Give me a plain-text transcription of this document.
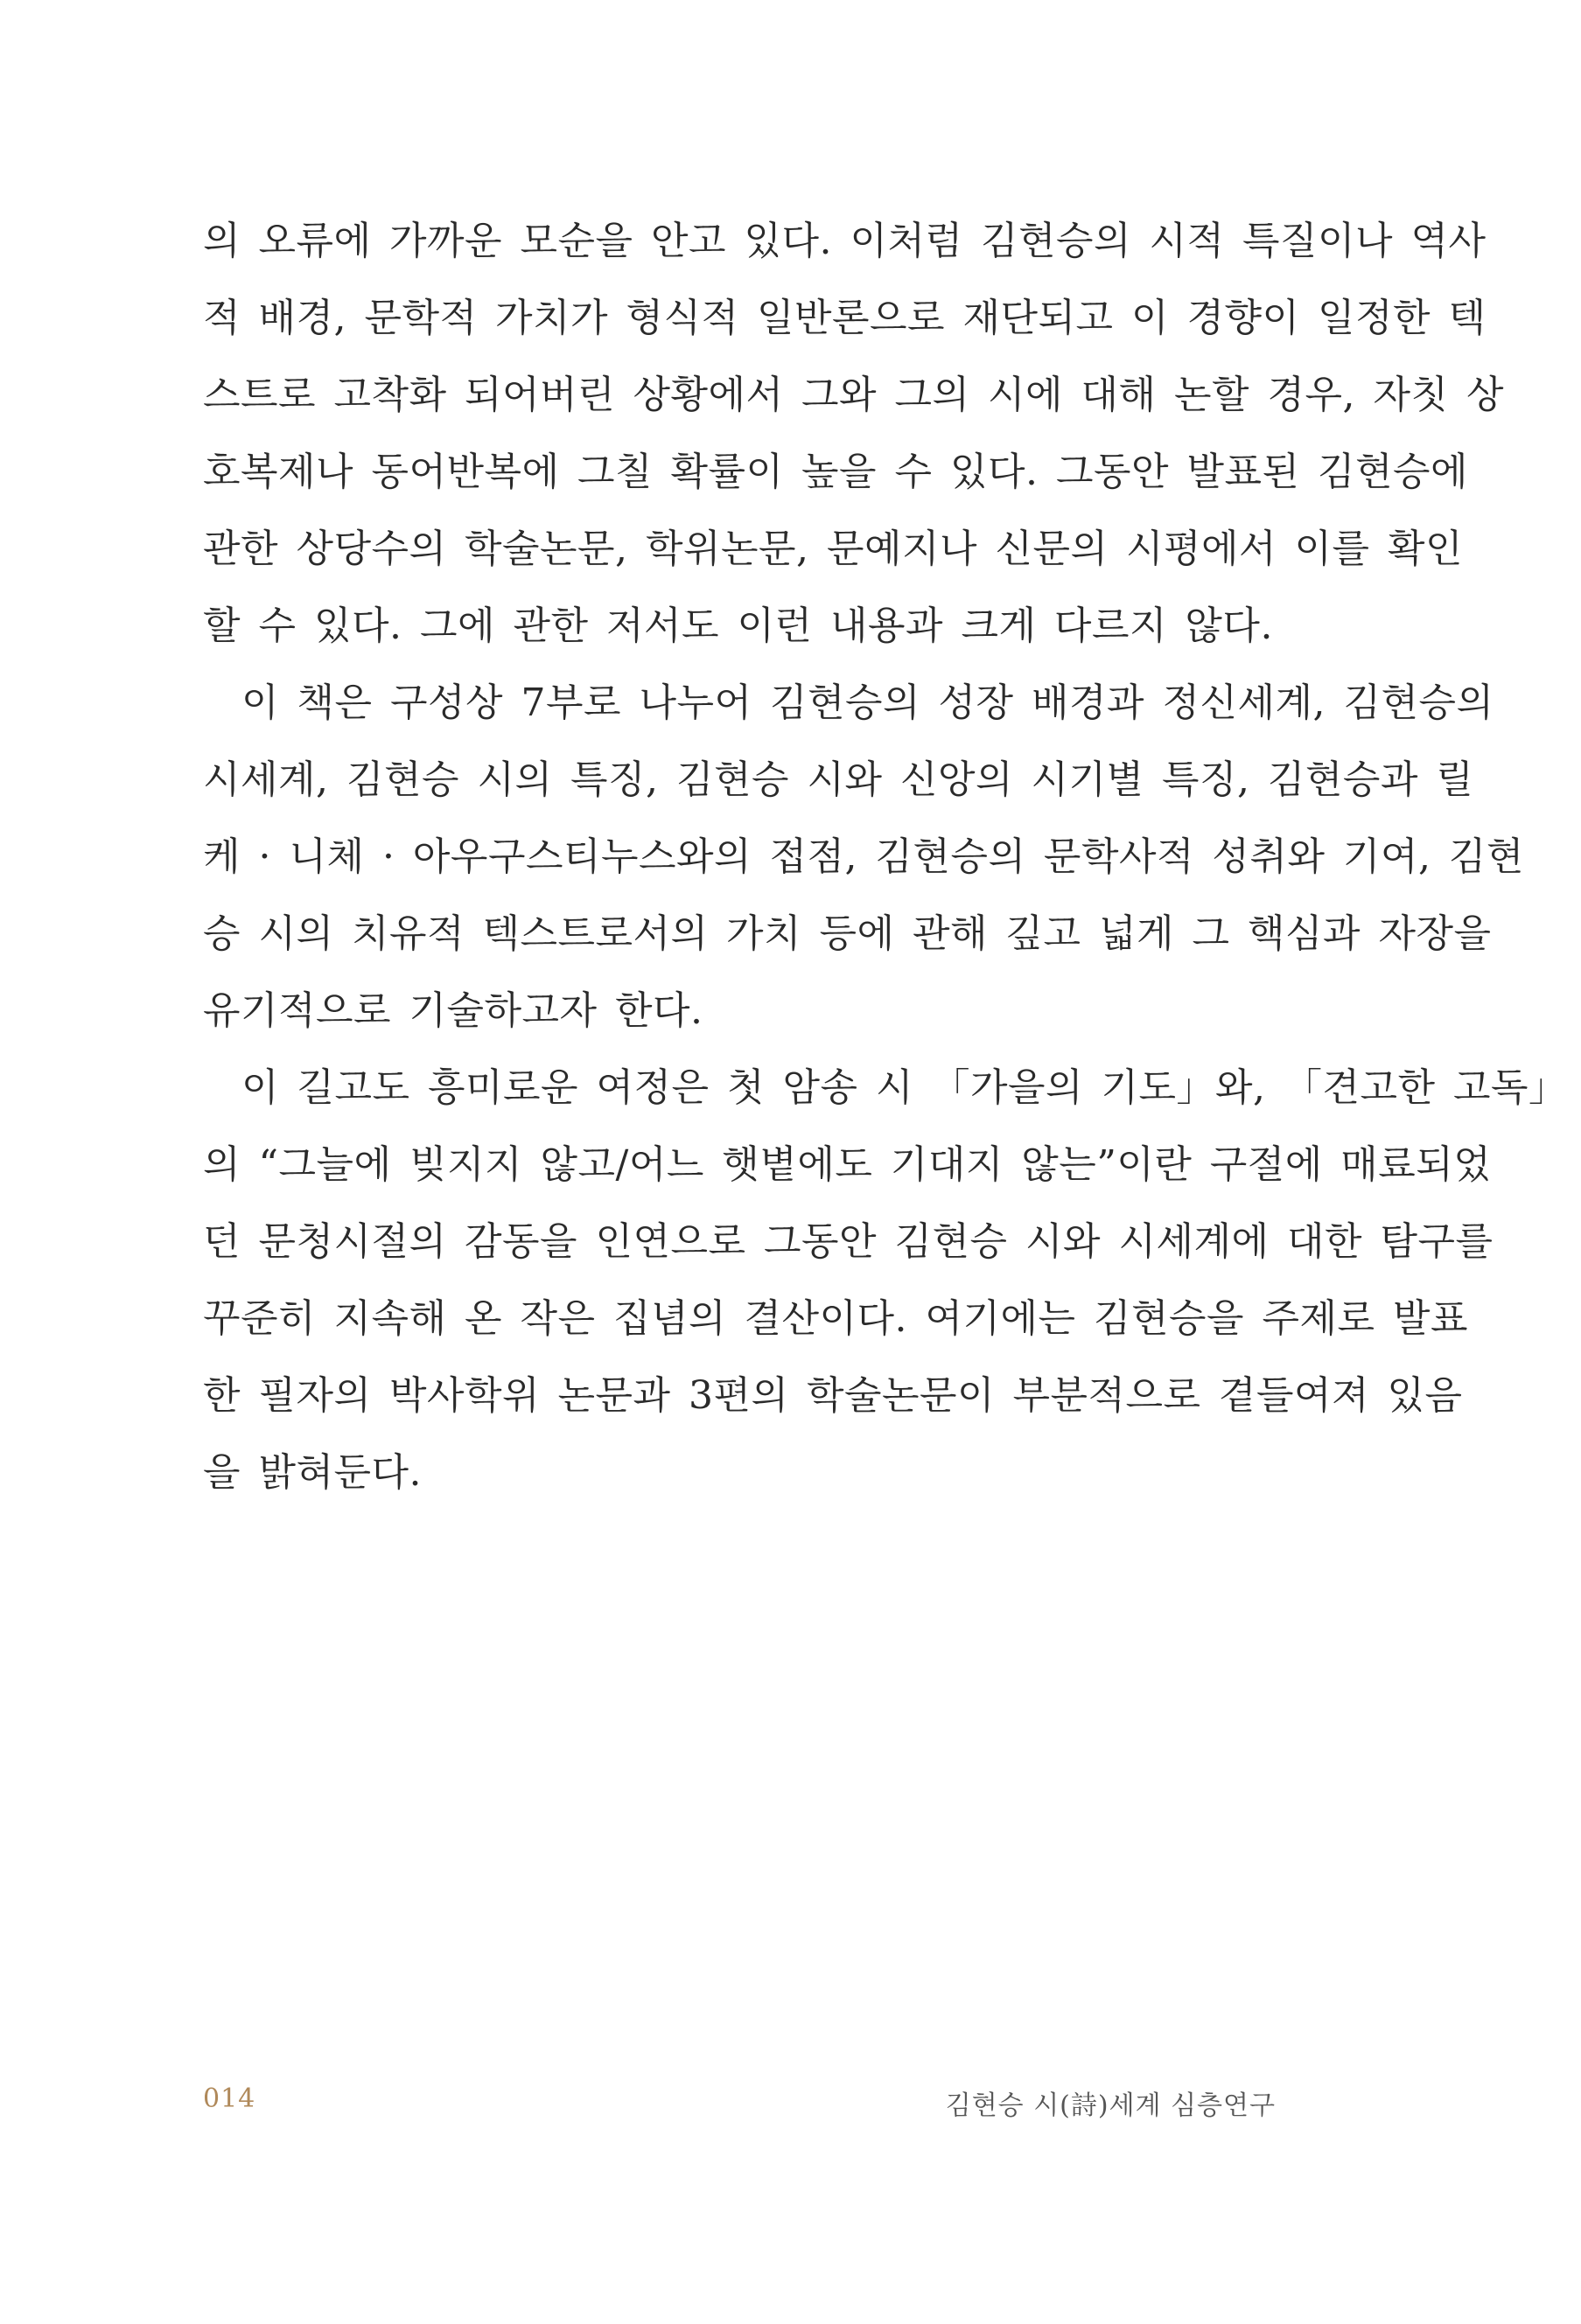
의 오류에 가까운 모순을 안고 있다. 이처럼 김현승의 시적 특질이나 역사
적 배경, 문학적 가치가 형식적 일반론으로 재단되고 이 경향이 일정한 텍
스트로 고착화 되어버린 상황에서 그와 그의 시에 대해 논할 경우, 자칫 상
호복제나 동어반복에 그칠 확률이 높을 수 있다. 그동안 발표된 김현승에
관한 상당수의 학술논문, 학위논문, 문예지나 신문의 시평에서 이를 확인
할 수 있다. 그에 관한 저서도 이런 내용과 크게 다르지 않다.
이 책은 구성상 7부로 나누어 김현승의 성장 배경과 정신세계, 김현승의
시세계, 김현승 시의 특징, 김현승 시와 신앙의 시기별 특징, 김현승과 릴
케 · 니체 · 아우구스티누스와의 접점, 김현승의 문학사적 성취와 기여, 김현
승 시의 치유적 텍스트로서의 가치 등에 관해 깊고 넓게 그 핵심과 자장을
유기적으로 기술하고자 한다.
이 길고도 흥미로운 여정은 첫 암송 시 「가을의 기도」와, 「견고한 고독」
의 “그늘에 빚지지 않고/어느 햇볕에도 기대지 않는”이란 구절에 매료되었
던 문청시절의 감동을 인연으로 그동안 김현승 시와 시세계에 대한 탐구를
꾸준히 지속해 온 작은 집념의 결산이다. 여기에는 김현승을 주제로 발표
한 필자의 박사학위 논문과 3편의 학술논문이 부분적으로 곁들여져 있음
을 밝혀둔다.
014	김현승 시(詩)세계 심층연구
